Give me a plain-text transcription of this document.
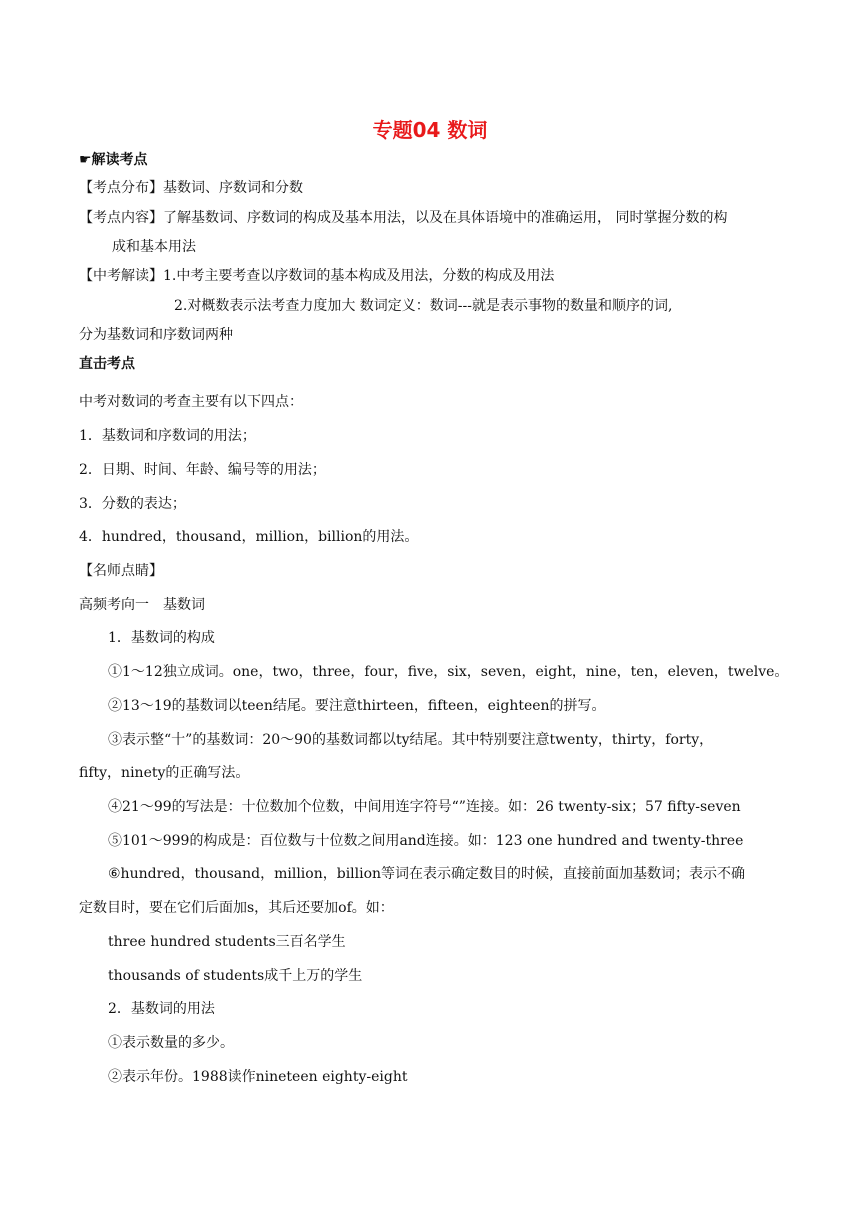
专题04 数词
☛解读考点
【考点分布】基数词、序数词和分数
【考点内容】了解基数词、序数词的构成及基本用法，以及在具体语境中的准确运用， 同时掌握分数的构
成和基本用法
【中考解读】1.中考主要考查以序数词的基本构成及用法，分数的构成及用法
2.对概数表示法考查力度加大 数词定义：数词---就是表示事物的数量和顺序的词,
分为基数词和序数词两种
直击考点
中考对数词的考查主要有以下四点：
1．基数词和序数词的用法；
2．日期、时间、年龄、编号等的用法；
3．分数的表达；
4．hundred，thousand，million，billion的用法。
【名师点睛】
高频考向一　基数词
1．基数词的构成
①1～12独立成词。one，two，three，four，five，six，seven，eight，nine，ten，eleven，twelve。
②13～19的基数词以teen结尾。要注意thirteen，fifteen，eighteen的拼写。
③表示整“十”的基数词：20～90的基数词都以ty结尾。其中特别要注意twenty，thirty，forty，
fifty，ninety的正确写法。
④21～99的写法是：十位数加个位数，中间用连字符号“”连接。如：26 twenty-six；57 fifty-seven
⑤101～999的构成是：百位数与十位数之间用and连接。如：123 one hundred and twenty-three
⑥hundred，thousand，million，billion等词在表示确定数目的时候，直接前面加基数词；表示不确
定数目时，要在它们后面加s，其后还要加of。如：
three hundred students三百名学生
thousands of students成千上万的学生
2．基数词的用法
①表示数量的多少。
②表示年份。1988读作nineteen eighty-eight
